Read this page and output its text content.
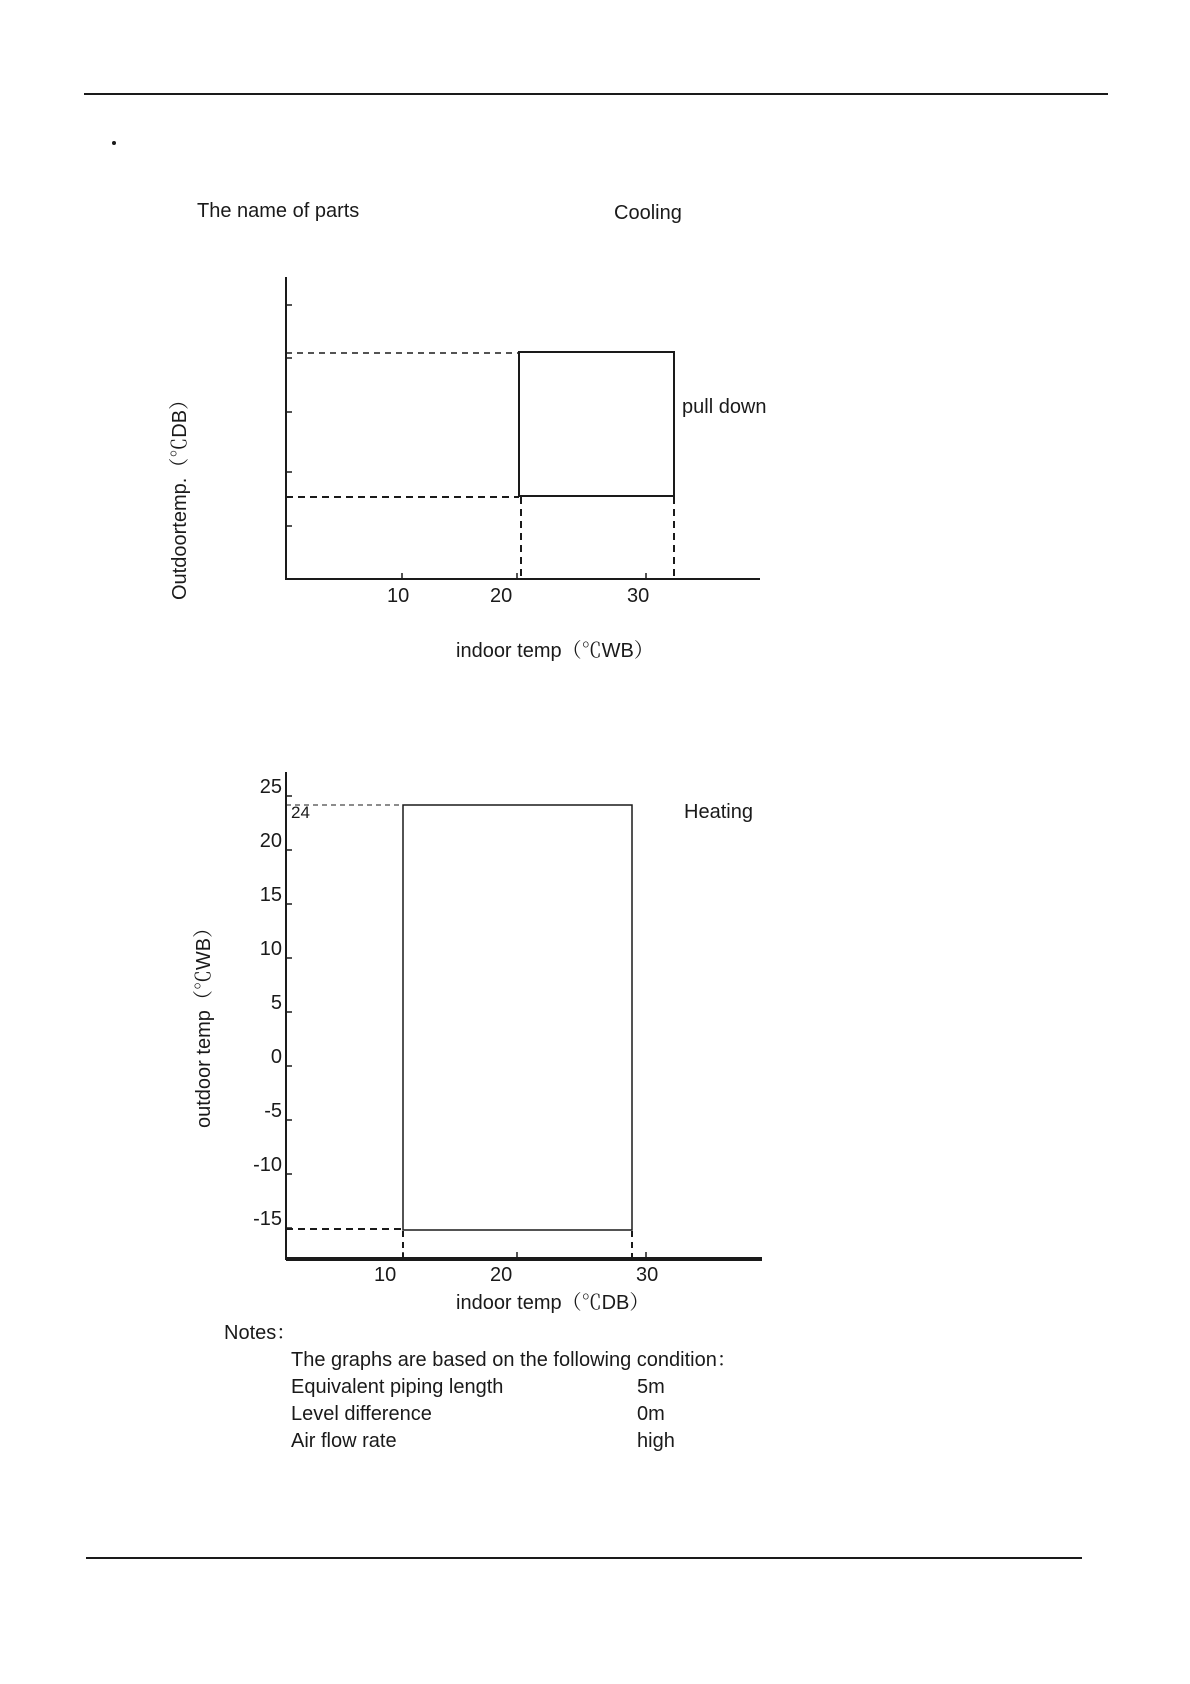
The name of parts	Cooling
10	20	30
pull down
indoor temp（℃WB）
Outdoortemp.（℃DB）
25
20
15
10
5
0
-5
-10
-15
10	20	30
24	Heating
indoor temp（℃DB）
outdoor temp（℃WB）
Notes：
The graphs are based on the following condition：
Equivalent piping length	5m
Level difference	0m
Air flow rate	high
